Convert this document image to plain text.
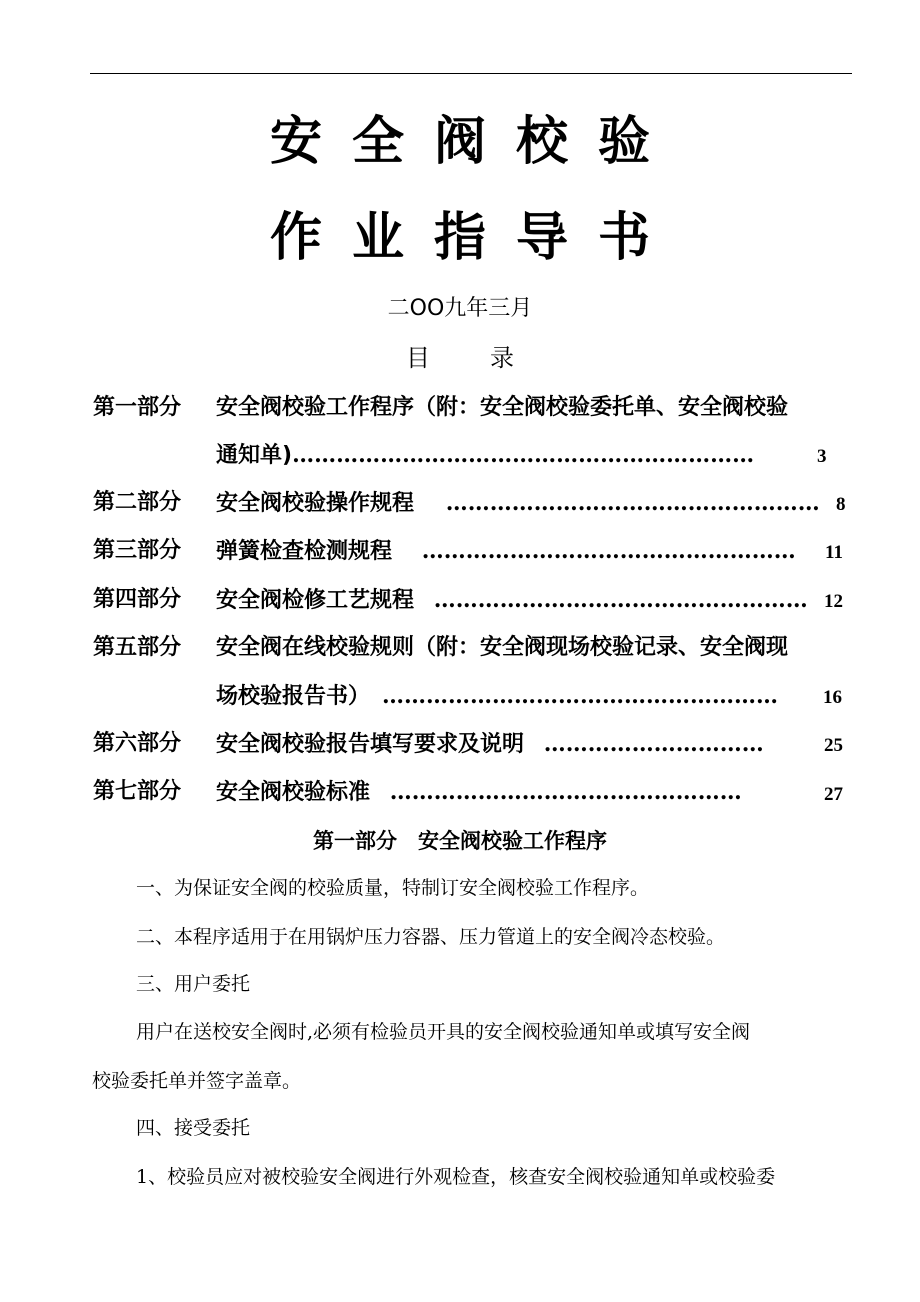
安全阀校验
作业指导书
二OO九年三月
目录
第一部分 安全阀校验工作程序（附：安全阀校验委托单、安全阀校验
通知单)………………………………………………………	3
第二部分 安全阀校验操作规程 …………………………………………… 8
第三部分 弹簧检查检测规程 …………………………………………… 11
第四部分 安全阀检修工艺规程 …………………………………………… 12
第五部分 安全阀在线校验规则（附：安全阀现场校验记录、安全阀现
场校验报告书） ……………………………………………… 16
第六部分 安全阀校验报告填写要求及说明 …………………………	25
第七部分 安全阀校验标准 …………………………………………	27
第一部分　安全阀校验工作程序
一、为保证安全阀的校验质量，特制订安全阀校验工作程序。
二、本程序适用于在用锅炉压力容器、压力管道上的安全阀冷态校验。
三、用户委托
用户在送校安全阀时,必须有检验员开具的安全阀校验通知单或填写安全阀
校验委托单并签字盖章。
四、接受委托
1、校验员应对被校验安全阀进行外观检查，核查安全阀校验通知单或校验委
